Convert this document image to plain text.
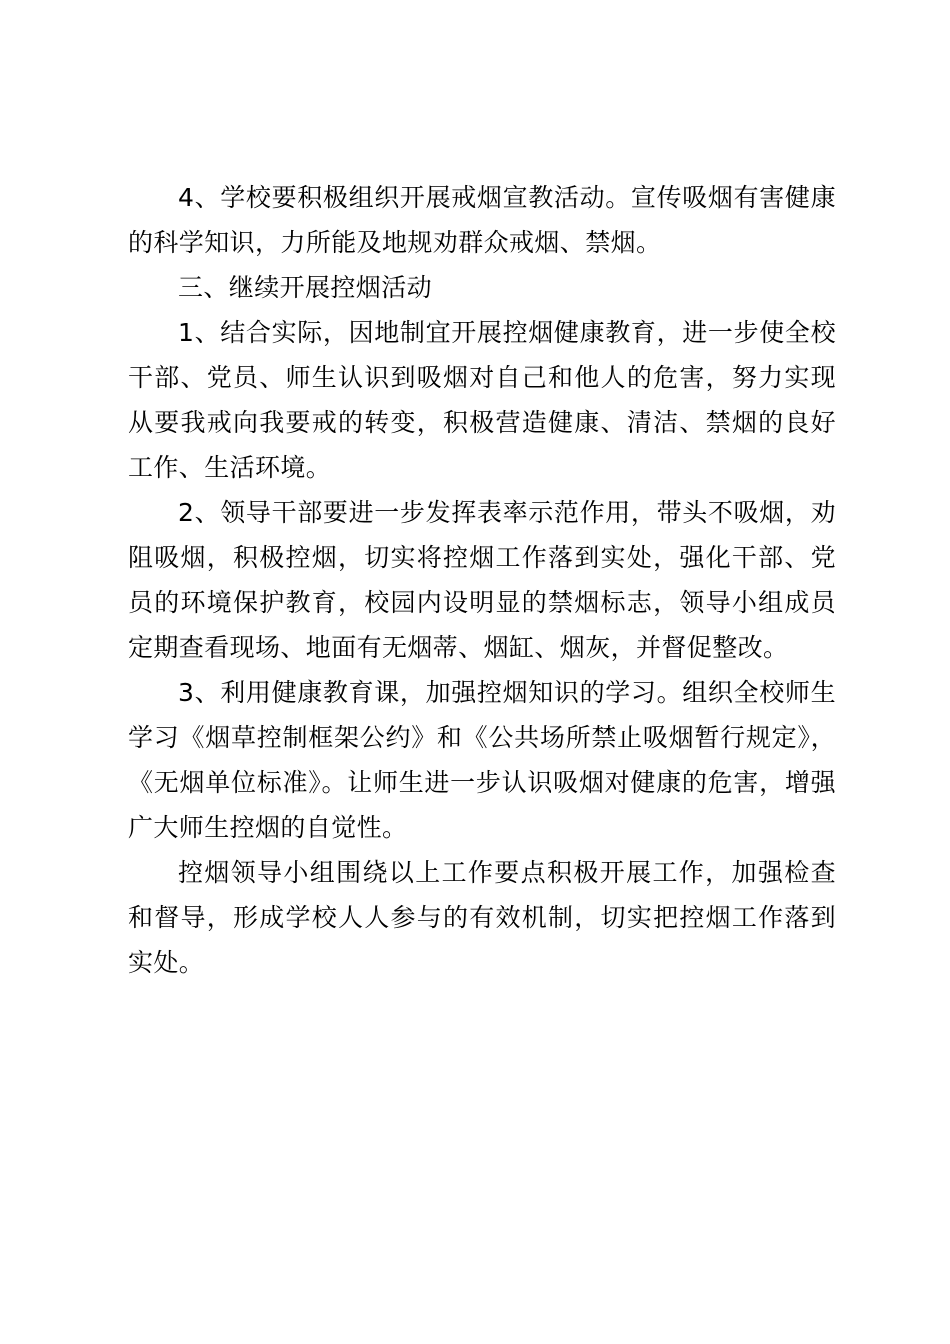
4、学校要积极组织开展戒烟宣教活动。宣传吸烟有害健康的科学知识，力所能及地规劝群众戒烟、禁烟。

三、继续开展控烟活动

1、结合实际，因地制宜开展控烟健康教育，进一步使全校干部、党员、师生认识到吸烟对自己和他人的危害，努力实现从要我戒向我要戒的转变，积极营造健康、清洁、禁烟的良好工作、生活环境。

2、领导干部要进一步发挥表率示范作用，带头不吸烟，劝阻吸烟，积极控烟，切实将控烟工作落到实处，强化干部、党员的环境保护教育，校园内设明显的禁烟标志，领导小组成员定期查看现场、地面有无烟蒂、烟缸、烟灰，并督促整改。

3、利用健康教育课，加强控烟知识的学习。组织全校师生学习《烟草控制框架公约》和《公共场所禁止吸烟暂行规定》，《无烟单位标准》。让师生进一步认识吸烟对健康的危害，增强广大师生控烟的自觉性。

控烟领导小组围绕以上工作要点积极开展工作，加强检查和督导，形成学校人人参与的有效机制，切实把控烟工作落到实处。
